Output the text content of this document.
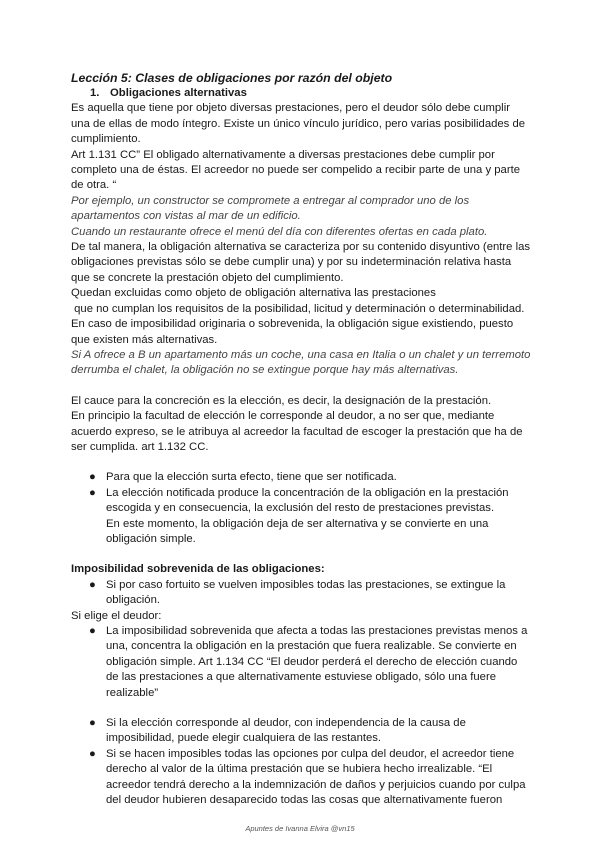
Lección 5: Clases de obligaciones por razón del objeto

1. Obligaciones alternativas

Es aquella que tiene por objeto diversas prestaciones, pero el deudor sólo debe cumplir una de ellas de modo íntegro. Existe un único vínculo jurídico, pero varias posibilidades de cumplimiento.

Art 1.131 CC” El obligado alternativamente a diversas prestaciones debe cumplir por completo una de éstas. El acreedor no puede ser compelido a recibir parte de una y parte de otra. “

Por ejemplo, un constructor se compromete a entregar al comprador uno de los apartamentos con vistas al mar de un edificio.

Cuando un restaurante ofrece el menú del día con diferentes ofertas en cada plato.

De tal manera, la obligación alternativa se caracteriza por su contenido disyuntivo (entre las obligaciones previstas sólo se debe cumplir una) y por su indeterminación relativa hasta que se concrete la prestación objeto del cumplimiento.

Quedan excluidas como objeto de obligación alternativa las prestaciones

que no cumplan los requisitos de la posibilidad, licitud y determinación o determinabilidad.

En caso de imposibilidad originaria o sobrevenida, la obligación sigue existiendo, puesto que existen más alternativas.

Si A ofrece a B un apartamento más un coche, una casa en Italia o un chalet y un terremoto derrumba el chalet, la obligación no se extingue porque hay más alternativas.

El cauce para la concreción es la elección, es decir, la designación de la prestación.

En principio la facultad de elección le corresponde al deudor, a no ser que, mediante acuerdo expreso, se le atribuya al acreedor la facultad de escoger la prestación que ha de ser cumplida. art 1.132 CC.

● Para que la elección surta efecto, tiene que ser notificada.
● La elección notificada produce la concentración de la obligación en la prestación escogida y en consecuencia, la exclusión del resto de prestaciones previstas.
En este momento, la obligación deja de ser alternativa y se convierte en una obligación simple.

Imposibilidad sobrevenida de las obligaciones:

● Si por caso fortuito se vuelven imposibles todas las prestaciones, se extingue la obligación.

Si elige el deudor:

● La imposibilidad sobrevenida que afecta a todas las prestaciones previstas menos a una, concentra la obligación en la prestación que fuera realizable. Se convierte en obligación simple. Art 1.134 CC “El deudor perderá el derecho de elección cuando de las prestaciones a que alternativamente estuviese obligado, sólo una fuere realizable”
● Si la elección corresponde al deudor, con independencia de la causa de imposibilidad, puede elegir cualquiera de las restantes.
● Si se hacen imposibles todas las opciones por culpa del deudor, el acreedor tiene derecho al valor de la última prestación que se hubiera hecho irrealizable. “El acreedor tendrá derecho a la indemnización de daños y perjuicios cuando por culpa del deudor hubieren desaparecido todas las cosas que alternativamente fueron
Apuntes de Ivanna Elvira @vn15
